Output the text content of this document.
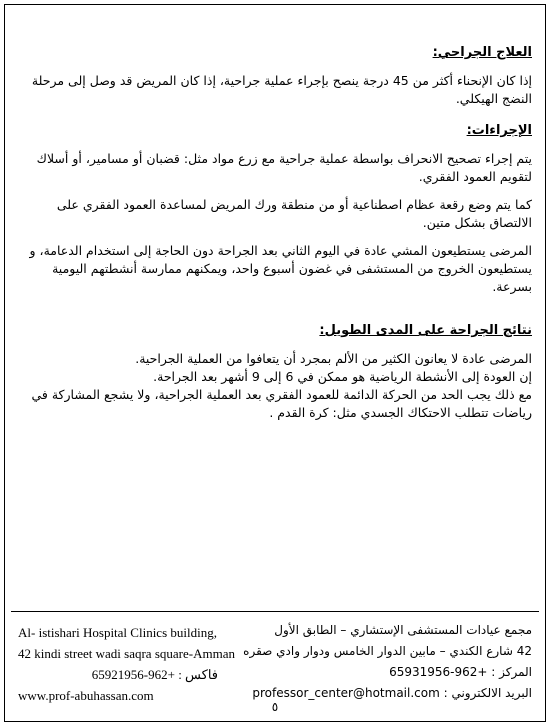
العلاج الجراحي:

إذا كان الإنحناء أكثر من 45 درجة ينصح بإجراء عملية جراحية، إذا كان المريض قد وصل إلى مرحلة النضج الهيكلي.

الإجراءات:

يتم إجراء تصحيح الانحراف بواسطة عملية جراحية مع زرع مواد مثل: قضبان أو مسامير، أو أسلاك لتقويم العمود الفقري.

كما يتم وضع رقعة عظام اصطناعية أو من منطقة ورك المريض لمساعدة العمود الفقري على الالتصاق بشكل متين.

المرضى يستطيعون المشي عادة في اليوم الثاني بعد الجراحة دون الحاجة إلى استخدام الدعامة، و يستطيعون الخروج من المستشفى في غضون أسبوع واحد، ويمكنهم ممارسة أنشطتهم اليومية بسرعة.

نتائج الجراحة على المدى الطويل:

المرضى عادة لا يعانون الكثير من الألم بمجرد أن يتعافوا من العملية الجراحية.

إن العودة إلى الأنشطة الرياضية هو ممكن في 6 إلى 9 أشهر بعد الجراحة.

مع ذلك يجب الحد من الحركة الدائمة للعمود الفقري بعد العملية الجراحية، ولا يشجع المشاركة في رياضات تتطلب الاحتكاك الجسدي مثل: كرة القدم .

Al- istishari Hospital Clinics building,
42 kindi street wadi saqra square-Amman
فاكس : +962-65921956
www.prof-abuhassan.com
مجمع عيادات المستشفى الإستشاري – الطابق الأول
42 شارع الكندي – مابين الدوار الخامس ودوار وادي صقره
المركز : +962-65931956
البريد الالكتروني : professor_center@hotmail.com
٥
